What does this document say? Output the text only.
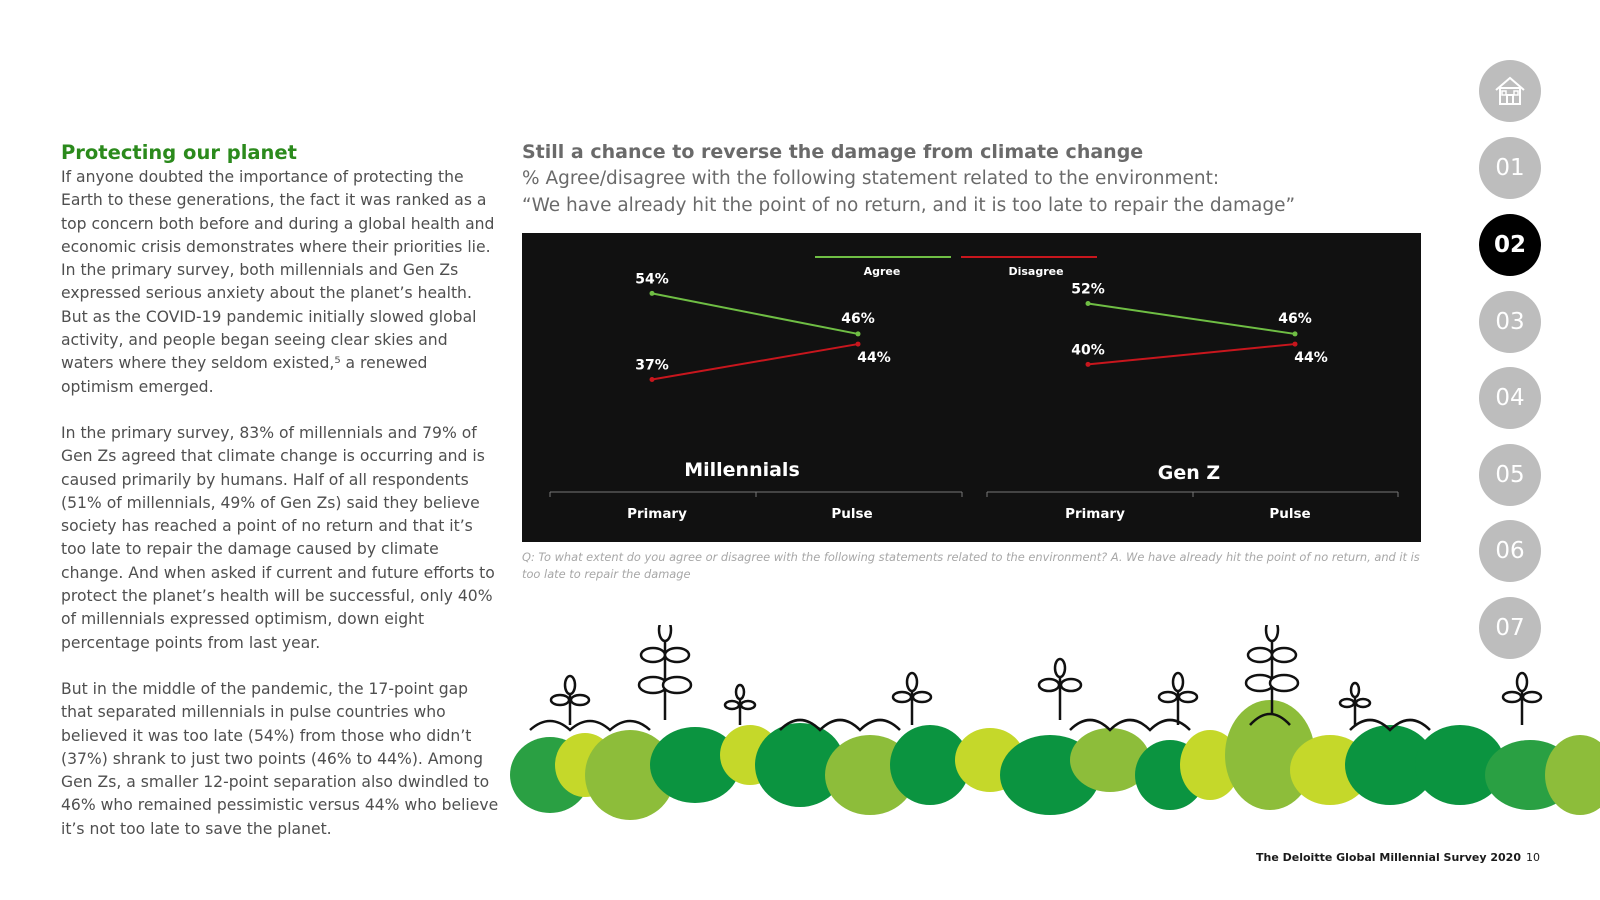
Protecting our planet

If anyone doubted the importance of protecting the Earth to these generations, the fact it was ranked as a top concern both before and during a global health and economic crisis demonstrates where their priorities lie. In the primary survey, both millennials and Gen Zs expressed serious anxiety about the planet’s health. But as the COVID-19 pandemic initially slowed global activity, and people began seeing clear skies and waters where they seldom existed,⁵ a renewed optimism emerged.

In the primary survey, 83% of millennials and 79% of Gen Zs agreed that climate change is occurring and is caused primarily by humans. Half of all respondents (51% of millennials, 49% of Gen Zs) said they believe society has reached a point of no return and that it’s too late to repair the damage caused by climate change. And when asked if current and future efforts to protect the planet’s health will be successful, only 40% of millennials expressed optimism, down eight percentage points from last year.

But in the middle of the pandemic, the 17-point gap that separated millennials in pulse countries who believed it was too late (54%) from those who didn’t (37%) shrank to just two points (46% to 44%). Among Gen Zs, a smaller 12-point separation also dwindled to 46% who remained pessimistic versus 44% who believe it’s not too late to save the planet.

Still a chance to reverse the damage from climate change
% Agree/disagree with the following statement related to the environment:
“We have already hit the point of no return, and it is too late to repair the damage”
Agree	Disagree
54%
46%
37%	44%
Millennials
Primary	Pulse
52%
46%
40%	44%
Gen Z
Primary	Pulse
Q: To what extent do you agree or disagree with the following statements related to the environment? A. We have already hit the point of no return, and it is too late to repair the damage
01
02
03
04
05
06
07
The Deloitte Global Millennial Survey 2020 10
